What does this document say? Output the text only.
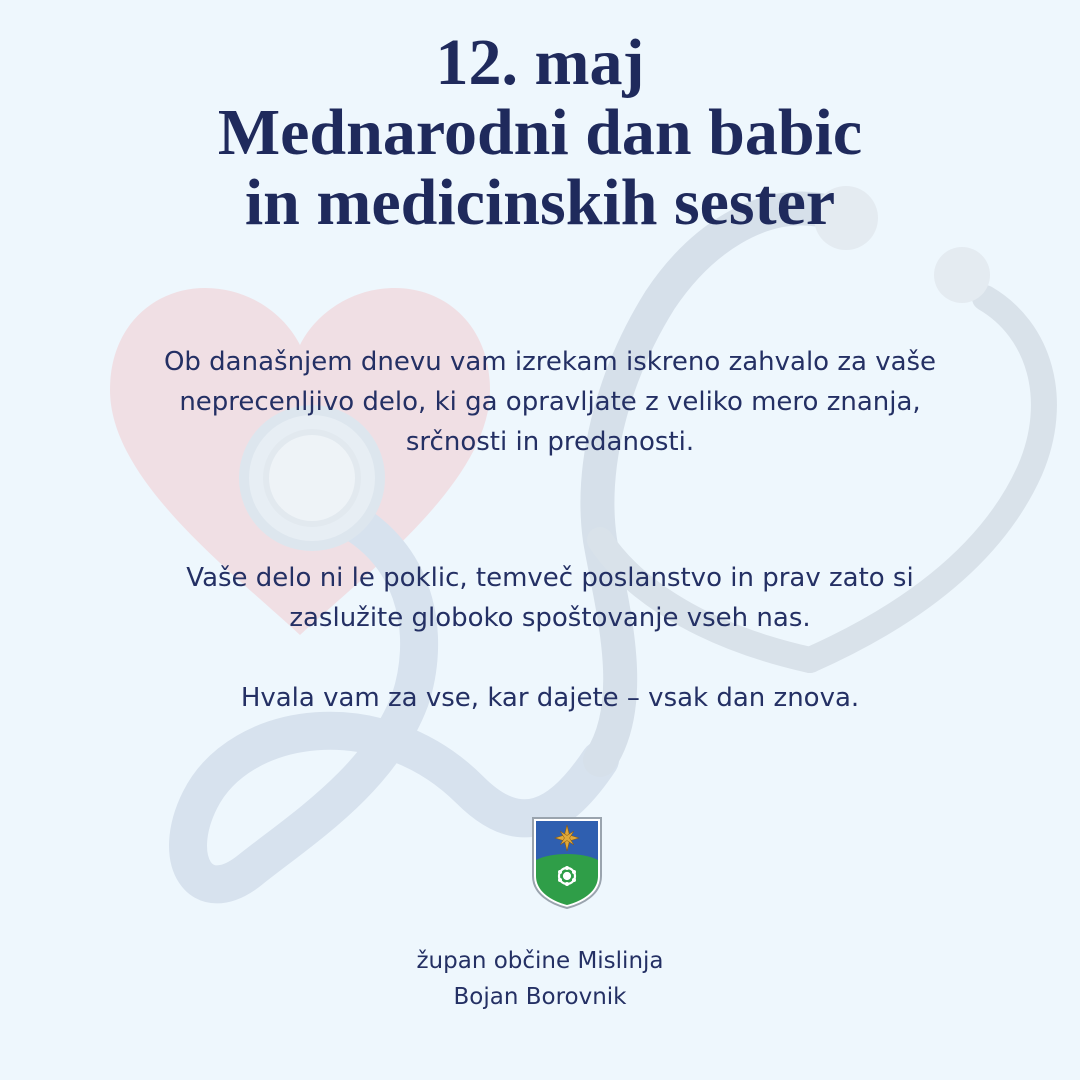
12. maj
Mednarodni dan babic
in medicinskih sester
Ob današnjem dnevu vam izrekam iskreno zahvalo za vaše neprecenljivo delo, ki ga opravljate z veliko mero znanja, srčnosti in predanosti.
Vaše delo ni le poklic, temveč poslanstvo in prav zato si zaslužite globoko spoštovanje vseh nas.
Hvala vam za vse, kar dajete – vsak dan znova.
župan občine Mislinja
Bojan Borovnik
